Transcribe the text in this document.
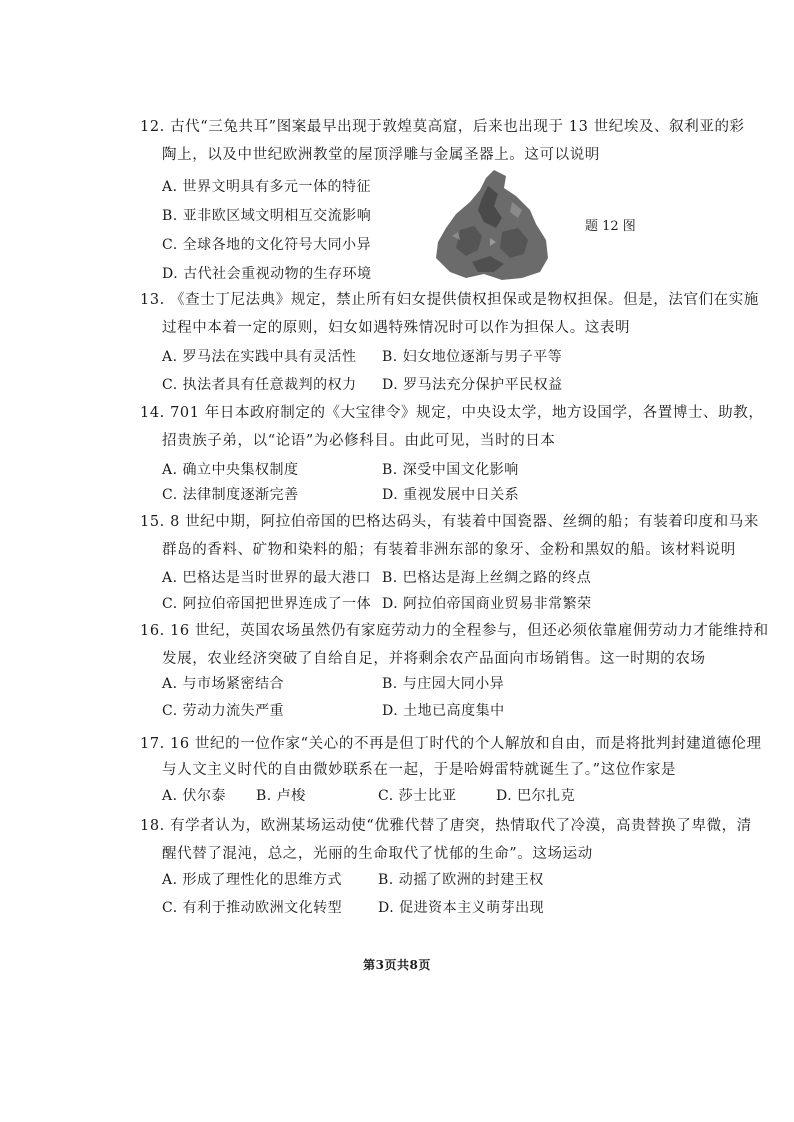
12. 古代“三兔共耳”图案最早出现于敦煌莫高窟，后来也出现于 13 世纪埃及、叙利亚的彩
陶上，以及中世纪欧洲教堂的屋顶浮雕与金属圣器上。这可以说明
A. 世界文明具有多元一体的特征
B. 亚非欧区域文明相互交流影响
C. 全球各地的文化符号大同小异
D. 古代社会重视动物的生存环境
题 12 图
13. 《查士丁尼法典》规定，禁止所有妇女提供债权担保或是物权担保。但是，法官们在实施
过程中本着一定的原则，妇女如遇特殊情况时可以作为担保人。这表明
A. 罗马法在实践中具有灵活性 B. 妇女地位逐渐与男子平等
C. 执法者具有任意裁判的权力 D. 罗马法充分保护平民权益
14. 701 年日本政府制定的《大宝律令》规定，中央设太学，地方设国学，各置博士、助教，
招贵族子弟，以“论语”为必修科目。由此可见，当时的日本
A. 确立中央集权制度	B. 深受中国文化影响
C. 法律制度逐渐完善	D. 重视发展中日关系
15. 8 世纪中期，阿拉伯帝国的巴格达码头，有装着中国瓷器、丝绸的船；有装着印度和马来
群岛的香料、矿物和染料的船；有装着非洲东部的象牙、金粉和黑奴的船。该材料说明
A. 巴格达是当时世界的最大港口 B. 巴格达是海上丝绸之路的终点
C. 阿拉伯帝国把世界连成了一体 D. 阿拉伯帝国商业贸易非常繁荣
16. 16 世纪，英国农场虽然仍有家庭劳动力的全程参与，但还必须依靠雇佣劳动力才能维持和
发展，农业经济突破了自给自足，并将剩余农产品面向市场销售。这一时期的农场
A. 与市场紧密结合	B. 与庄园大同小异
C. 劳动力流失严重	D. 土地已高度集中
17. 16 世纪的一位作家“关心的不再是但丁时代的个人解放和自由，而是将批判封建道德伦理
与人文主义时代的自由微妙联系在一起，于是哈姆雷特就诞生了。”这位作家是
A. 伏尔泰 B. 卢梭	C. 莎士比亚	D. 巴尔扎克
18. 有学者认为，欧洲某场运动使“优雅代替了唐突，热情取代了冷漠，高贵替换了卑微，清
醒代替了混沌，总之，光丽的生命取代了忧郁的生命”。这场运动
A. 形成了理性化的思维方式	B. 动摇了欧洲的封建王权
C. 有利于推动欧洲文化转型	D. 促进资本主义萌芽出现
第3页共8页
